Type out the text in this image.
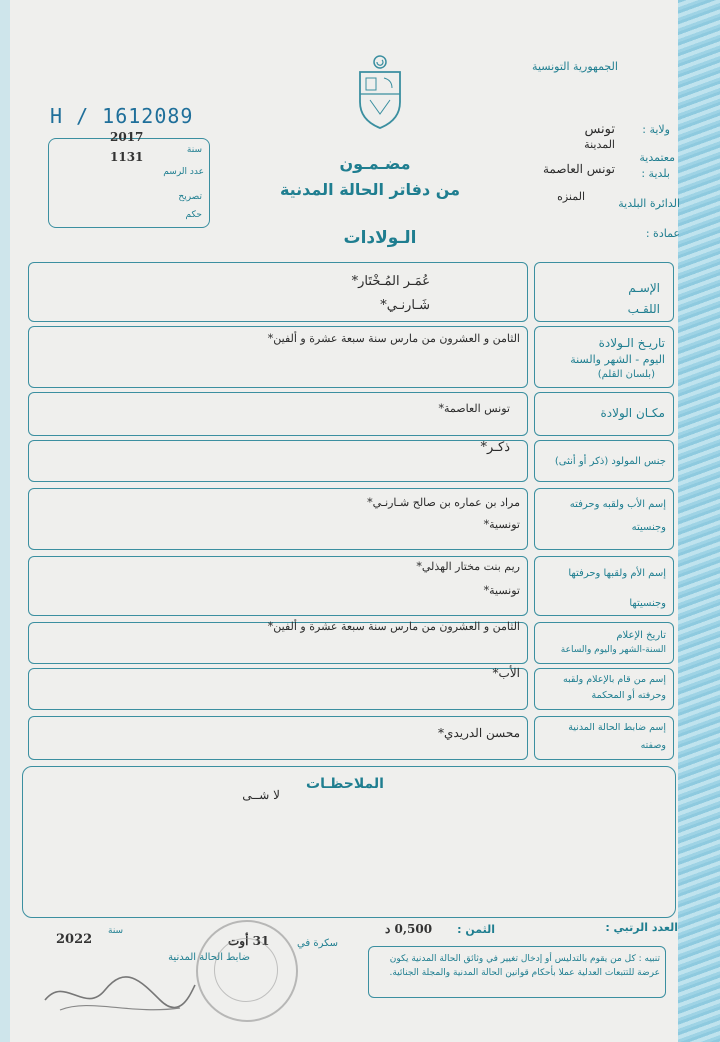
الجمهورية التونسية
ولاية :
تونس
معتمدية
المدينة
بلدية :
تونس العاصمة
الدائرة البلدية
المنزه
عمادة :
H / 1612089
2017
سنة
1131
عدد الرسم
تصريح
حكم
مضـمـون
من دفاتر الحالة المدنية
الـولادات
الإسـم
اللقـب
عُمَـر المُـخْتَار*
شَـارنـي*
تاريـخ الـولادة
اليوم - الشهر والسنة
(بلسان القلم)
الثامن و العشرون من مارس سنة سبعة عشرة و ألفين*
مكـان الولادة
تونس العاصمة*
جنس المولود (ذكر أو أنثى)
ذكـر*
إسم الأب ولقبه وحرفته
وجنسيته
مراد بن عماره بن صالح شـارنـي*
تونسية*
إسم الأم ولقبها وحرفتها
وجنسيتها
ريم بنت مختار الهذلي*
تونسية*
تاريخ الإعلام
السنة-الشهر واليوم والساعة
الثامن و العشرون من مارس سنة سبعة عشرة و ألفين*
إسم من قام بالإعلام ولقبه
وحرفته أو المحكمة
الأب*
إسم ضابط الحالة المدنية
وصفته
محسن الدريدي*
الملاحظـات
لا شــى
العدد الرتبي :
الثمن :
0,500 د
سكرة في
31 أوت
سنة
2022
ضابط الحالة المدنية	تنبيه : كل من يقوم بالتدليس أو إدخال تغيير في وثائق الحالة المدنية يكون عرضة للتتبعات العدلية عملا بأحكام قوانين الحالة المدنية والمجلة الجنائية.
